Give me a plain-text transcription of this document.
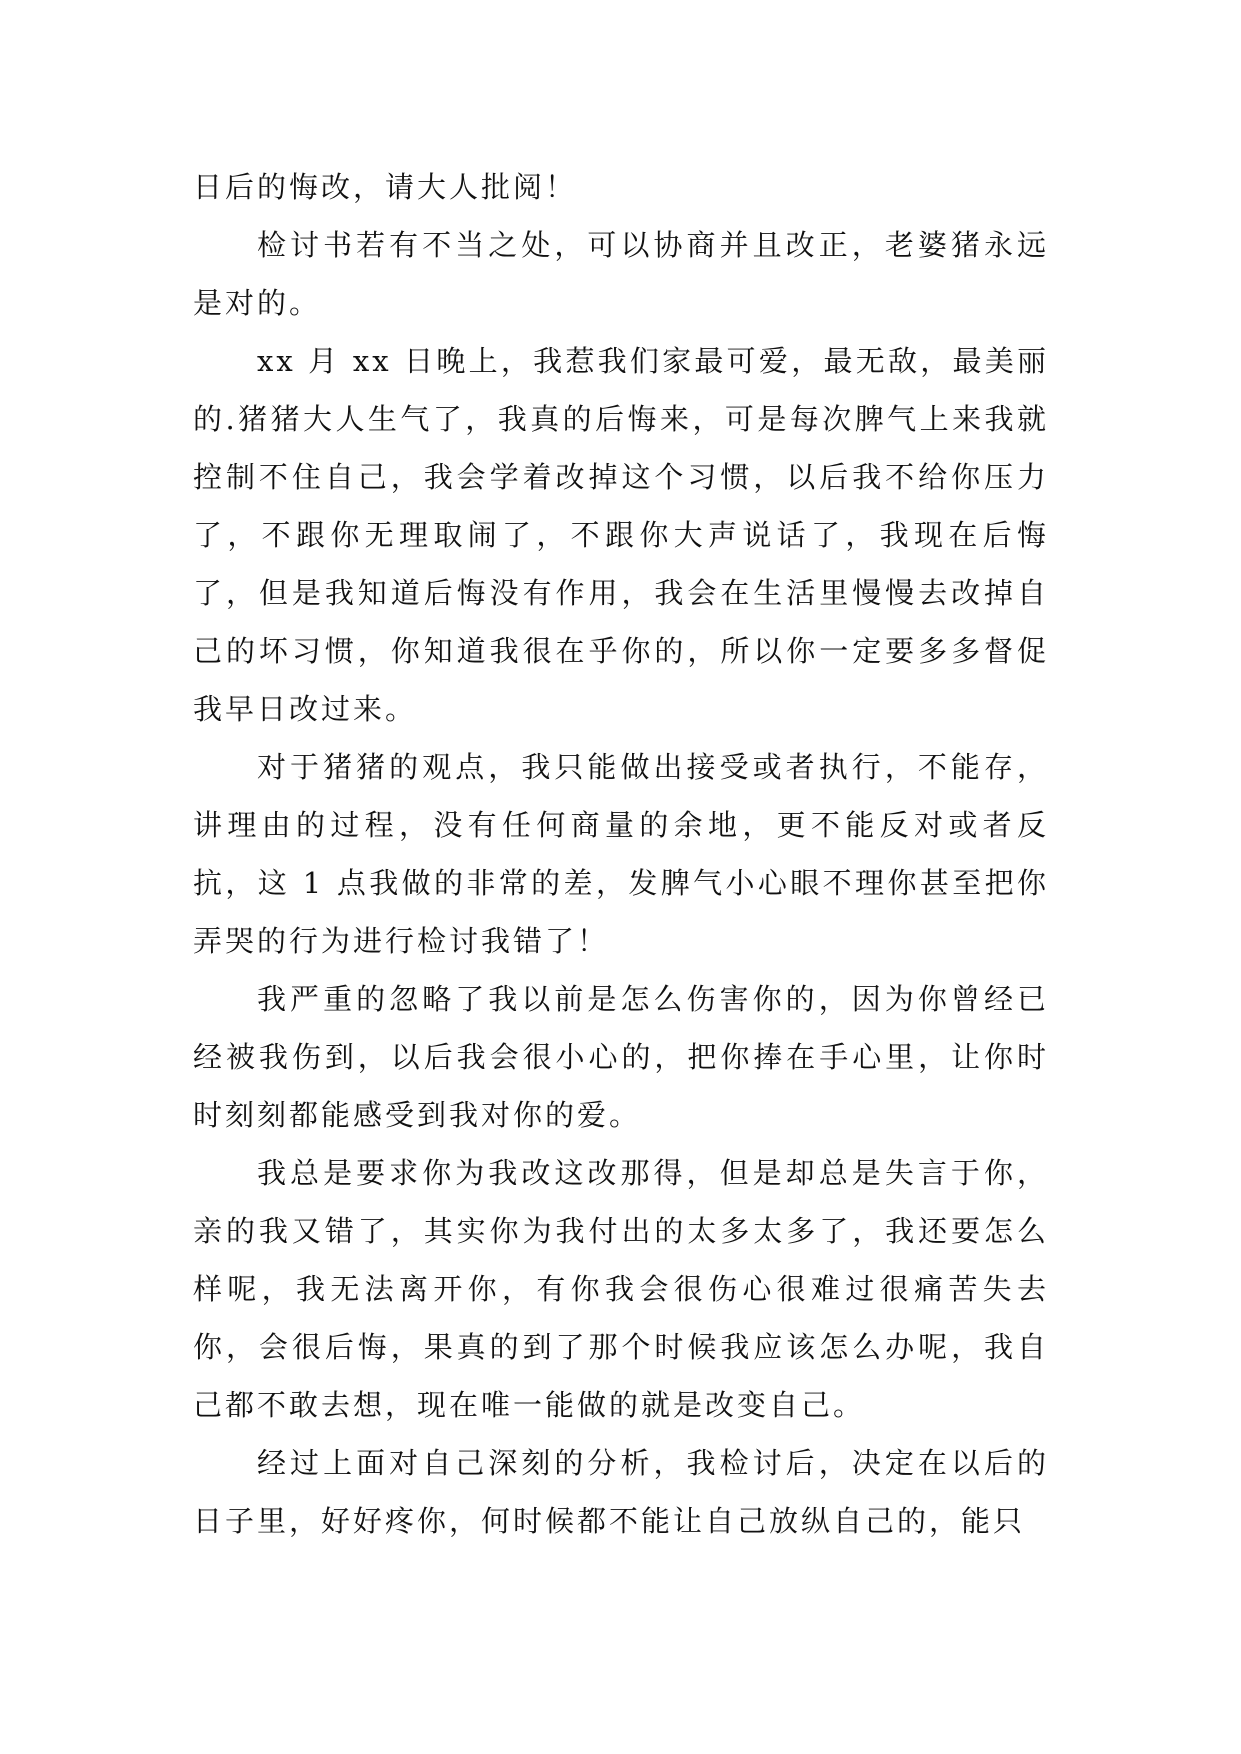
日后的悔改，请大人批阅！

检讨书若有不当之处，可以协商并且改正，老婆猪永远是对的。

xx 月 xx 日晚上，我惹我们家最可爱，最无敌，最美丽的.猪猪大人生气了，我真的后悔来，可是每次脾气上来我就控制不住自己，我会学着改掉这个习惯，以后我不给你压力了，不跟你无理取闹了，不跟你大声说话了，我现在后悔了，但是我知道后悔没有作用，我会在生活里慢慢去改掉自己的坏习惯，你知道我很在乎你的，所以你一定要多多督促我早日改过来。

对于猪猪的观点，我只能做出接受或者执行，不能存，讲理由的过程，没有任何商量的余地，更不能反对或者反抗，这 1 点我做的非常的差，发脾气小心眼不理你甚至把你弄哭的行为进行检讨我错了！

我严重的忽略了我以前是怎么伤害你的，因为你曾经已经被我伤到，以后我会很小心的，把你捧在手心里，让你时时刻刻都能感受到我对你的爱。

我总是要求你为我改这改那得，但是却总是失言于你，亲的我又错了，其实你为我付出的太多太多了，我还要怎么样呢，我无法离开你，有你我会很伤心很难过很痛苦失去你，会很后悔，果真的到了那个时候我应该怎么办呢，我自己都不敢去想，现在唯一能做的就是改变自己。

经过上面对自己深刻的分析，我检讨后，决定在以后的日子里，好好疼你，何时候都不能让自己放纵自己的，能只
